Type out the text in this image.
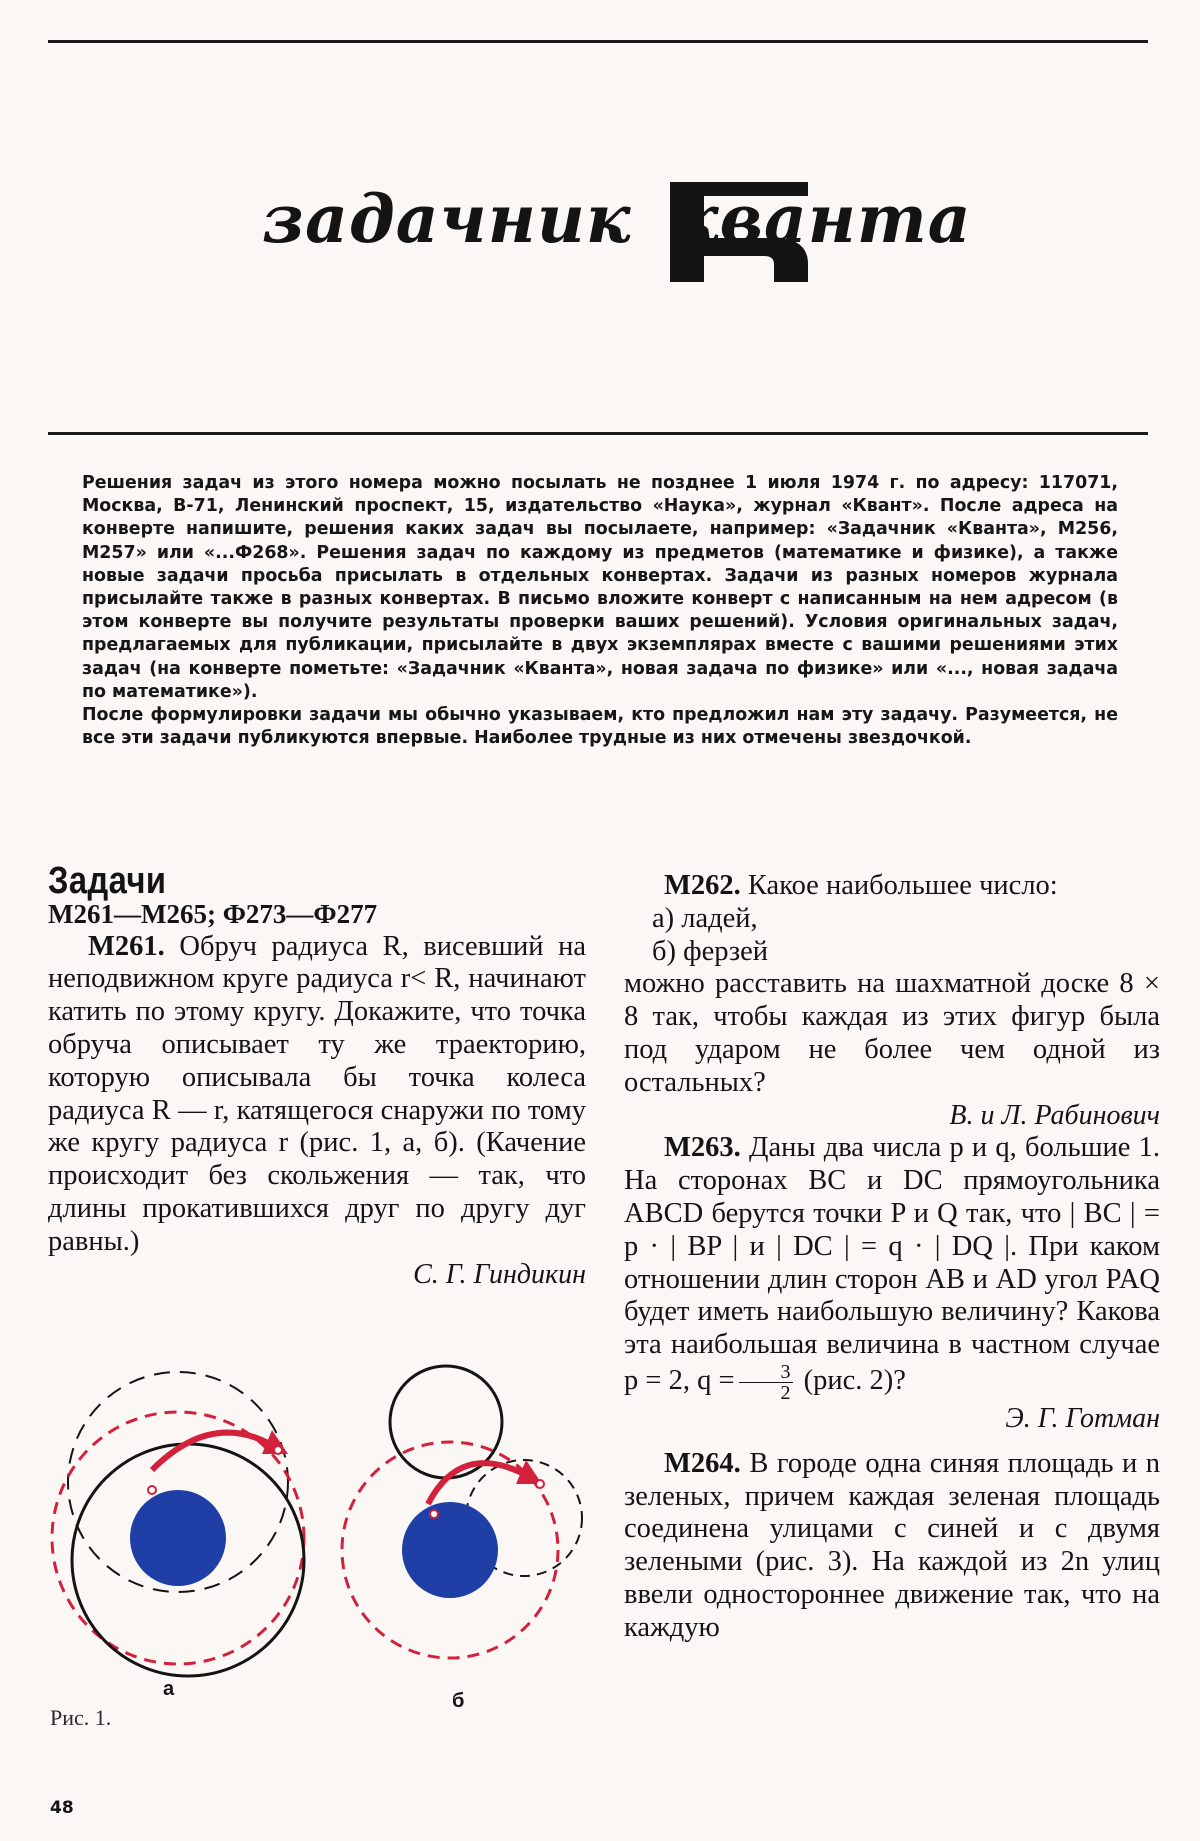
задачник кванта

Решения задач из этого номера можно посылать не позднее 1 июля 1974 г. по адресу: 117071, Москва, В-71, Ленинский проспект, 15, издательство «Наука», журнал «Квант». После адреса на конверте напишите, решения каких задач вы посылаете, например: «Задачник «Кванта», М256, М257» или «...Ф268». Решения задач по каждому из предметов (математике и физике), а также новые задачи просьба присылать в отдельных конвертах. Задачи из разных номеров журнала присылайте также в разных конвертах. В письмо вложите конверт с написанным на нем адресом (в этом конверте вы получите результаты проверки ваших решений). Условия оригинальных задач, предлагаемых для публикации, присылайте в двух экземплярах вместе с вашими решениями этих задач (на конверте пометьте: «Задачник «Кванта», новая задача по физике» или «..., новая задача по математике»).

После формулировки задачи мы обычно указываем, кто предложил нам эту задачу. Разумеется, не все эти задачи публикуются впервые. Наиболее трудные из них отмечены звездочкой.

Задачи

М261—М265; Ф273—Ф277

М261. Обруч радиуса R, висевший на неподвижном круге радиуса r< R, начинают катить по этому кругу. Докажите, что точка обруча описывает ту же траекторию, которую описывала бы точка колеса радиуса R — r, катящегося снаружи по тому же кругу радиуса r (рис. 1, а, б). (Качение происходит без скольжения — так, что длины прокатившихся друг по другу дуг равны.)

С. Г. Гиндикин

а
б
Рис. 1.

М262. Какое наибольшее число:

а) ладей,

б) ферзей

можно расставить на шахматной доске 8 × 8 так, чтобы каждая из этих фигур была под ударом не более чем одной из остальных?

В. и Л. Рабинович

М263. Даны два числа p и q, большие 1. На сторонах BC и DC прямоугольника ABCD берутся точки P и Q так, что | BC | = p · | BP | и | DC | = q · | DQ |. При каком отношении длин сторон AB и AD угол PAQ будет иметь наибольшую величину? Какова эта наибольшая величина в частном случае p = 2, $q = \frac{3}{2} (рис$. 2)?

Э. Г. Готман

М264. В городе одна синяя площадь и n зеленых, причем каждая зеленая площадь соединена улицами с синей и с двумя зелеными (рис. 3). На каждой из 2n улиц ввели одностороннее движение так, что на каждую

48
